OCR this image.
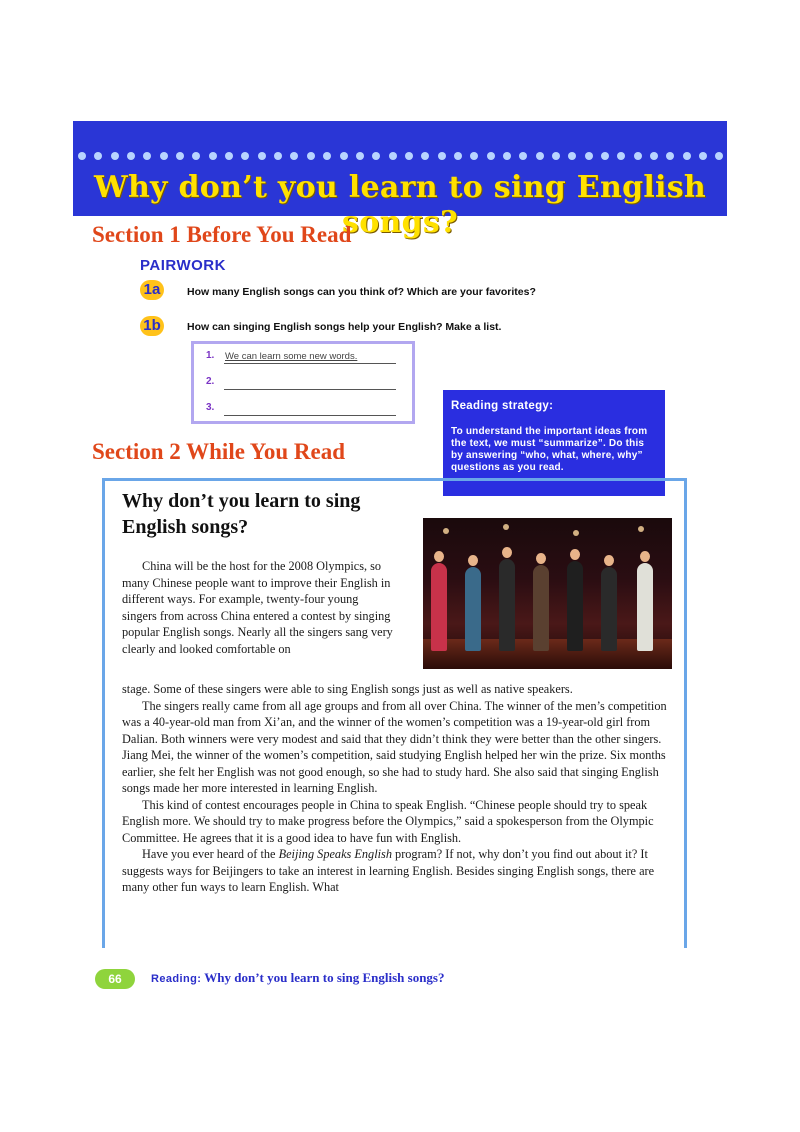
Why don’t you learn to sing English songs?
Section 1 Before You Read
PAIRWORK
1a	How many English songs can you think of? Which are your favorites?
1b	How can singing English songs help your English? Make a list.
1. We can learn some new words.
2.
3.	Reading strategy:
To understand the important ideas from the text, we must “summarize”. Do this by answering “who, what, where, why” questions as you read.
Section 2 While You Read
Why don’t you learn to sing English songs?

China will be the host for the 2008 Olympics, so many Chinese people want to improve their English in different ways. For example, twenty-four young singers from across China entered a contest by singing popular English songs. Nearly all the singers sang very clearly and looked comfortable on

stage. Some of these singers were able to sing English songs just as well as native speakers.

The singers really came from all age groups and from all over China. The winner of the men’s competition was a 40-year-old man from Xi’an, and the winner of the women’s competition was a 19-year-old girl from Dalian. Both winners were very modest and said that they didn’t think they were better than the other singers. Jiang Mei, the winner of the women’s competition, said studying English helped her win the prize. Six months earlier, she felt her English was not good enough, so she had to study hard. She also said that singing English songs made her more interested in learning English.

This kind of contest encourages people in China to speak English. “Chinese people should try to speak English more. We should try to make progress before the Olympics,” said a spokesperson from the Olympic Committee. He agrees that it is a good idea to have fun with English.

Have you ever heard of the Beijing Speaks English program? If not, why don’t you find out about it? It suggests ways for Beijingers to take an interest in learning English. Besides singing English songs, there are many other fun ways to learn English. What

66	Reading: Why don’t you learn to sing English songs?
